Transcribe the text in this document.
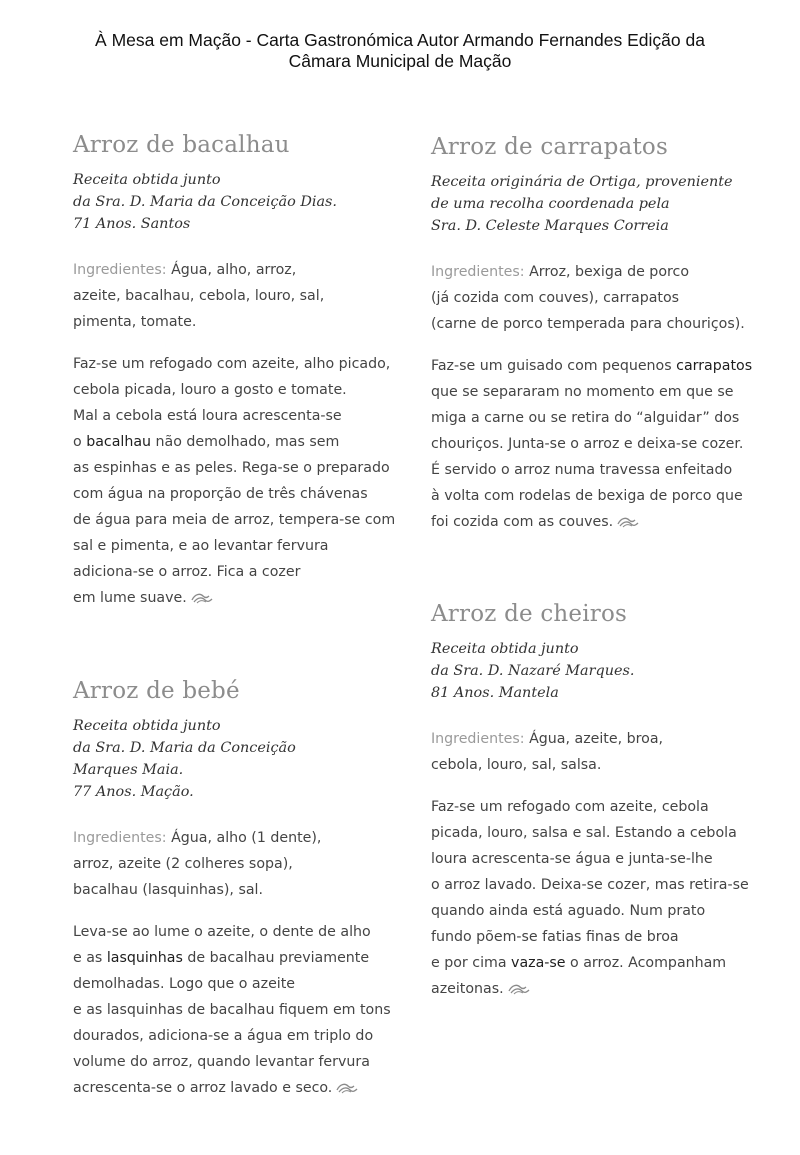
À Mesa em Mação - Carta Gastronómica Autor Armando Fernandes Edição da
Câmara Municipal de Mação
Arroz de bacalhau

Receita obtida junto
da Sra. D. Maria da Conceição Dias.
71 Anos. Santos

Ingredientes: Água, alho, arroz,
azeite, bacalhau, cebola, louro, sal,
pimenta, tomate.

Faz-se um refogado com azeite, alho picado,
cebola picada, louro a gosto e tomate.
Mal a cebola está loura acrescenta-se
o bacalhau não demolhado, mas sem
as espinhas e as peles. Rega-se o preparado
com água na proporção de três chávenas
de água para meia de arroz, tempera-se com
sal e pimenta, e ao levantar fervura
adiciona-se o arroz. Fica a cozer
em lume suave.

Arroz de bebé

Receita obtida junto
da Sra. D. Maria da Conceição
Marques Maia.
77 Anos. Mação.

Ingredientes: Água, alho (1 dente),
arroz, azeite (2 colheres sopa),
bacalhau (lasquinhas), sal.

Leva-se ao lume o azeite, o dente de alho
e as lasquinhas de bacalhau previamente
demolhadas. Logo que o azeite
e as lasquinhas de bacalhau fiquem em tons
dourados, adiciona-se a água em triplo do
volume do arroz, quando levantar fervura
acrescenta-se o arroz lavado e seco.

Arroz de carrapatos

Receita originária de Ortiga, proveniente
de uma recolha coordenada pela
Sra. D. Celeste Marques Correia

Ingredientes: Arroz, bexiga de porco
(já cozida com couves), carrapatos
(carne de porco temperada para chouriços).

Faz-se um guisado com pequenos carrapatos
que se separaram no momento em que se
miga a carne ou se retira do “alguidar” dos
chouriços. Junta-se o arroz e deixa-se cozer.
É servido o arroz numa travessa enfeitado
à volta com rodelas de bexiga de porco que
foi cozida com as couves.

Arroz de cheiros

Receita obtida junto
da Sra. D. Nazaré Marques.
81 Anos. Mantela

Ingredientes: Água, azeite, broa,
cebola, louro, sal, salsa.

Faz-se um refogado com azeite, cebola
picada, louro, salsa e sal. Estando a cebola
loura acrescenta-se água e junta-se-lhe
o arroz lavado. Deixa-se cozer, mas retira-se
quando ainda está aguado. Num prato
fundo põem-se fatias finas de broa
e por cima vaza-se o arroz. Acompanham
azeitonas.
